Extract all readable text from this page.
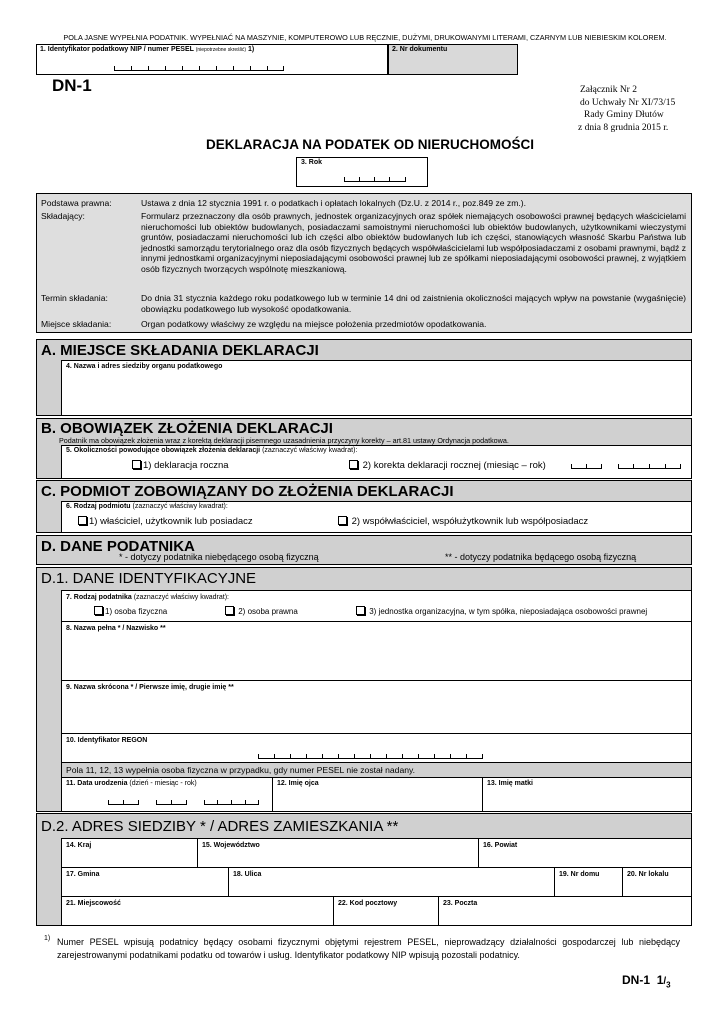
POLA JASNE WYPEŁNIA PODATNIK. WYPEŁNIAĆ NA MASZYNIE, KOMPUTEROWO LUB RĘCZNIE, DUŻYMI, DRUKOWANYMI LITERAMI, CZARNYM LUB NIEBIESKIM KOLOREM.
1. Identyfikator podatkowy NIP / numer PESEL (niepotrzebne skreślić) 1)	2. Nr dokumentu
DN-1	Załącznik Nr 2
do Uchwały Nr XI/73/15
Rady Gminy Dłutów
z dnia 8 grudnia 2015 r.
DEKLARACJA NA PODATEK OD NIERUCHOMOŚCI
3. Rok
Podstawa prawna:	Ustawa z dnia 12 stycznia 1991 r. o podatkach i opłatach lokalnych (Dz.U. z 2014 r., poz.849 ze zm.).
Składający:	Formularz przeznaczony dla osób prawnych, jednostek organizacyjnych oraz spółek niemających osobowości prawnej będących właścicielami nieruchomości lub obiektów budowlanych, posiadaczami samoistnymi nieruchomości lub obiektów budowlanych, użytkownikami wieczystymi gruntów, posiadaczami nieruchomości lub ich części albo obiektów budowlanych lub ich części, stanowiących własność Skarbu Państwa lub jednostki samorządu terytorialnego oraz dla osób fizycznych będących współwłaścicielami lub współposiadaczami z osobami prawnymi, bądź z innymi jednostkami organizacyjnymi nieposiadającymi osobowości prawnej lub ze spółkami nieposiadającymi osobowości prawnej, z wyjątkiem osób fizycznych tworzących wspólnotę mieszkaniową.
Termin składania:	Do dnia 31 stycznia każdego roku podatkowego lub w terminie 14 dni od zaistnienia okoliczności mających wpływ na powstanie (wygaśnięcie) obowiązku podatkowego lub wysokość opodatkowania.
Miejsce składania:	Organ podatkowy właściwy ze względu na miejsce położenia przedmiotów opodatkowania.
A. MIEJSCE SKŁADANIA DEKLARACJI
4. Nazwa i adres siedziby organu podatkowego
B. OBOWIĄZEK ZŁOŻENIA DEKLARACJI
Podatnik ma obowiązek złożenia wraz z korektą deklaracji pisemnego uzasadnienia przyczyny korekty – art.81 ustawy Ordynacja podatkowa.
5. Okoliczności powodujące obowiązek złożenia deklaracji (zaznaczyć właściwy kwadrat):
1) deklaracja roczna	2) korekta deklaracji rocznej (miesiąc – rok)
C. PODMIOT ZOBOWIĄZANY DO ZŁOŻENIA DEKLARACJI
6. Rodzaj podmiotu (zaznaczyć właściwy kwadrat):
1) właściciel, użytkownik lub posiadacz	2) współwłaściciel, współużytkownik lub współposiadacz
D. DANE PODATNIKA
* - dotyczy podatnika niebędącego osobą fizyczną	** - dotyczy podatnika będącego osobą fizyczną
D.1. DANE IDENTYFIKACYJNE
7. Rodzaj podatnika (zaznaczyć właściwy kwadrat):
1) osoba fizyczna	2) osoba prawna	3) jednostka organizacyjna, w tym spółka, nieposiadająca osobowości prawnej
8. Nazwa pełna * / Nazwisko **
9. Nazwa skrócona * / Pierwsze imię, drugie imię **
10. Identyfikator REGON
Pola 11, 12, 13 wypełnia osoba fizyczna w przypadku, gdy numer PESEL nie został nadany.
11. Data urodzenia (dzień - miesiąc - rok)	12. Imię ojca	13. Imię matki
D.2. ADRES SIEDZIBY * / ADRES ZAMIESZKANIA **
14. Kraj	15. Województwo	16. Powiat
17. Gmina	18. Ulica	19. Nr domu	20. Nr lokalu
21. Miejscowość	22. Kod pocztowy	23. Poczta
1) Numer PESEL wpisują podatnicy będący osobami fizycznymi objętymi rejestrem PESEL, nieprowadzący działalności gospodarczej lub niebędący zarejestrowanymi podatnikami podatku od towarów i usług. Identyfikator podatkowy NIP wpisują pozostali podatnicy.
DN-1 $1/_3$
